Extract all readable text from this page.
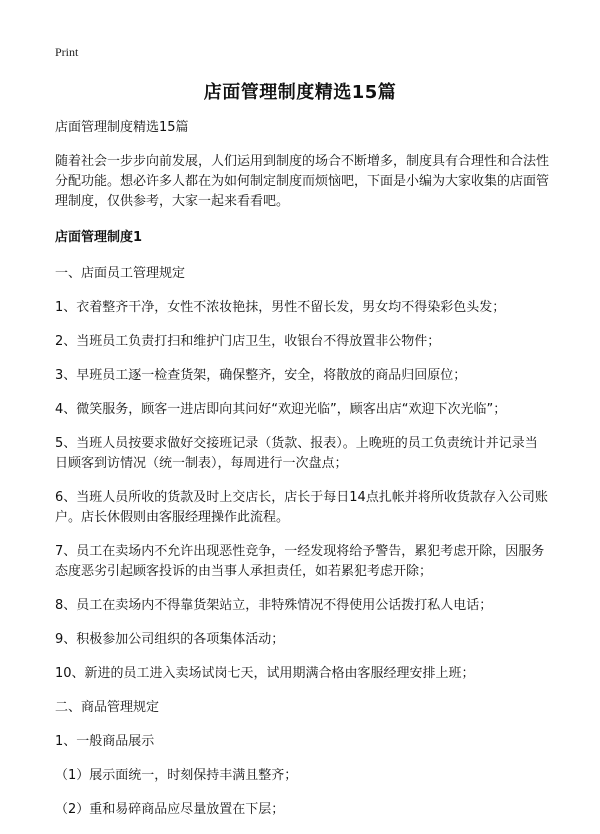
Print
店面管理制度精选15篇

店面管理制度精选15篇

随着社会一步步向前发展，人们运用到制度的场合不断增多，制度具有合理性和合法性分配功能。想必许多人都在为如何制定制度而烦恼吧，下面是小编为大家收集的店面管理制度，仅供参考，大家一起来看看吧。

店面管理制度1

一、店面员工管理规定

1、衣着整齐干净，女性不浓妆艳抹，男性不留长发，男女均不得染彩色头发；

2、当班员工负责打扫和维护门店卫生，收银台不得放置非公物件；

3、早班员工逐一检查货架，确保整齐，安全，将散放的商品归回原位；

4、微笑服务，顾客一进店即向其问好“欢迎光临”，顾客出店“欢迎下次光临”；

5、当班人员按要求做好交接班记录（货款、报表）。上晚班的员工负责统计并记录当日顾客到访情况（统一制表），每周进行一次盘点；

6、当班人员所收的货款及时上交店长，店长于每日14点扎帐并将所收货款存入公司账户。店长休假则由客服经理操作此流程。

7、员工在卖场内不允许出现恶性竞争，一经发现将给予警告，累犯考虑开除，因服务态度恶劣引起顾客投诉的由当事人承担责任，如若累犯考虑开除；

8、员工在卖场内不得靠货架站立，非特殊情况不得使用公话拨打私人电话；

9、积极参加公司组织的各项集体活动；

10、新进的员工进入卖场试岗七天，试用期满合格由客服经理安排上班；

二、商品管理规定

1、一般商品展示

（1）展示面统一，时刻保持丰满且整齐；

（2）重和易碎商品应尽量放置在下层；
